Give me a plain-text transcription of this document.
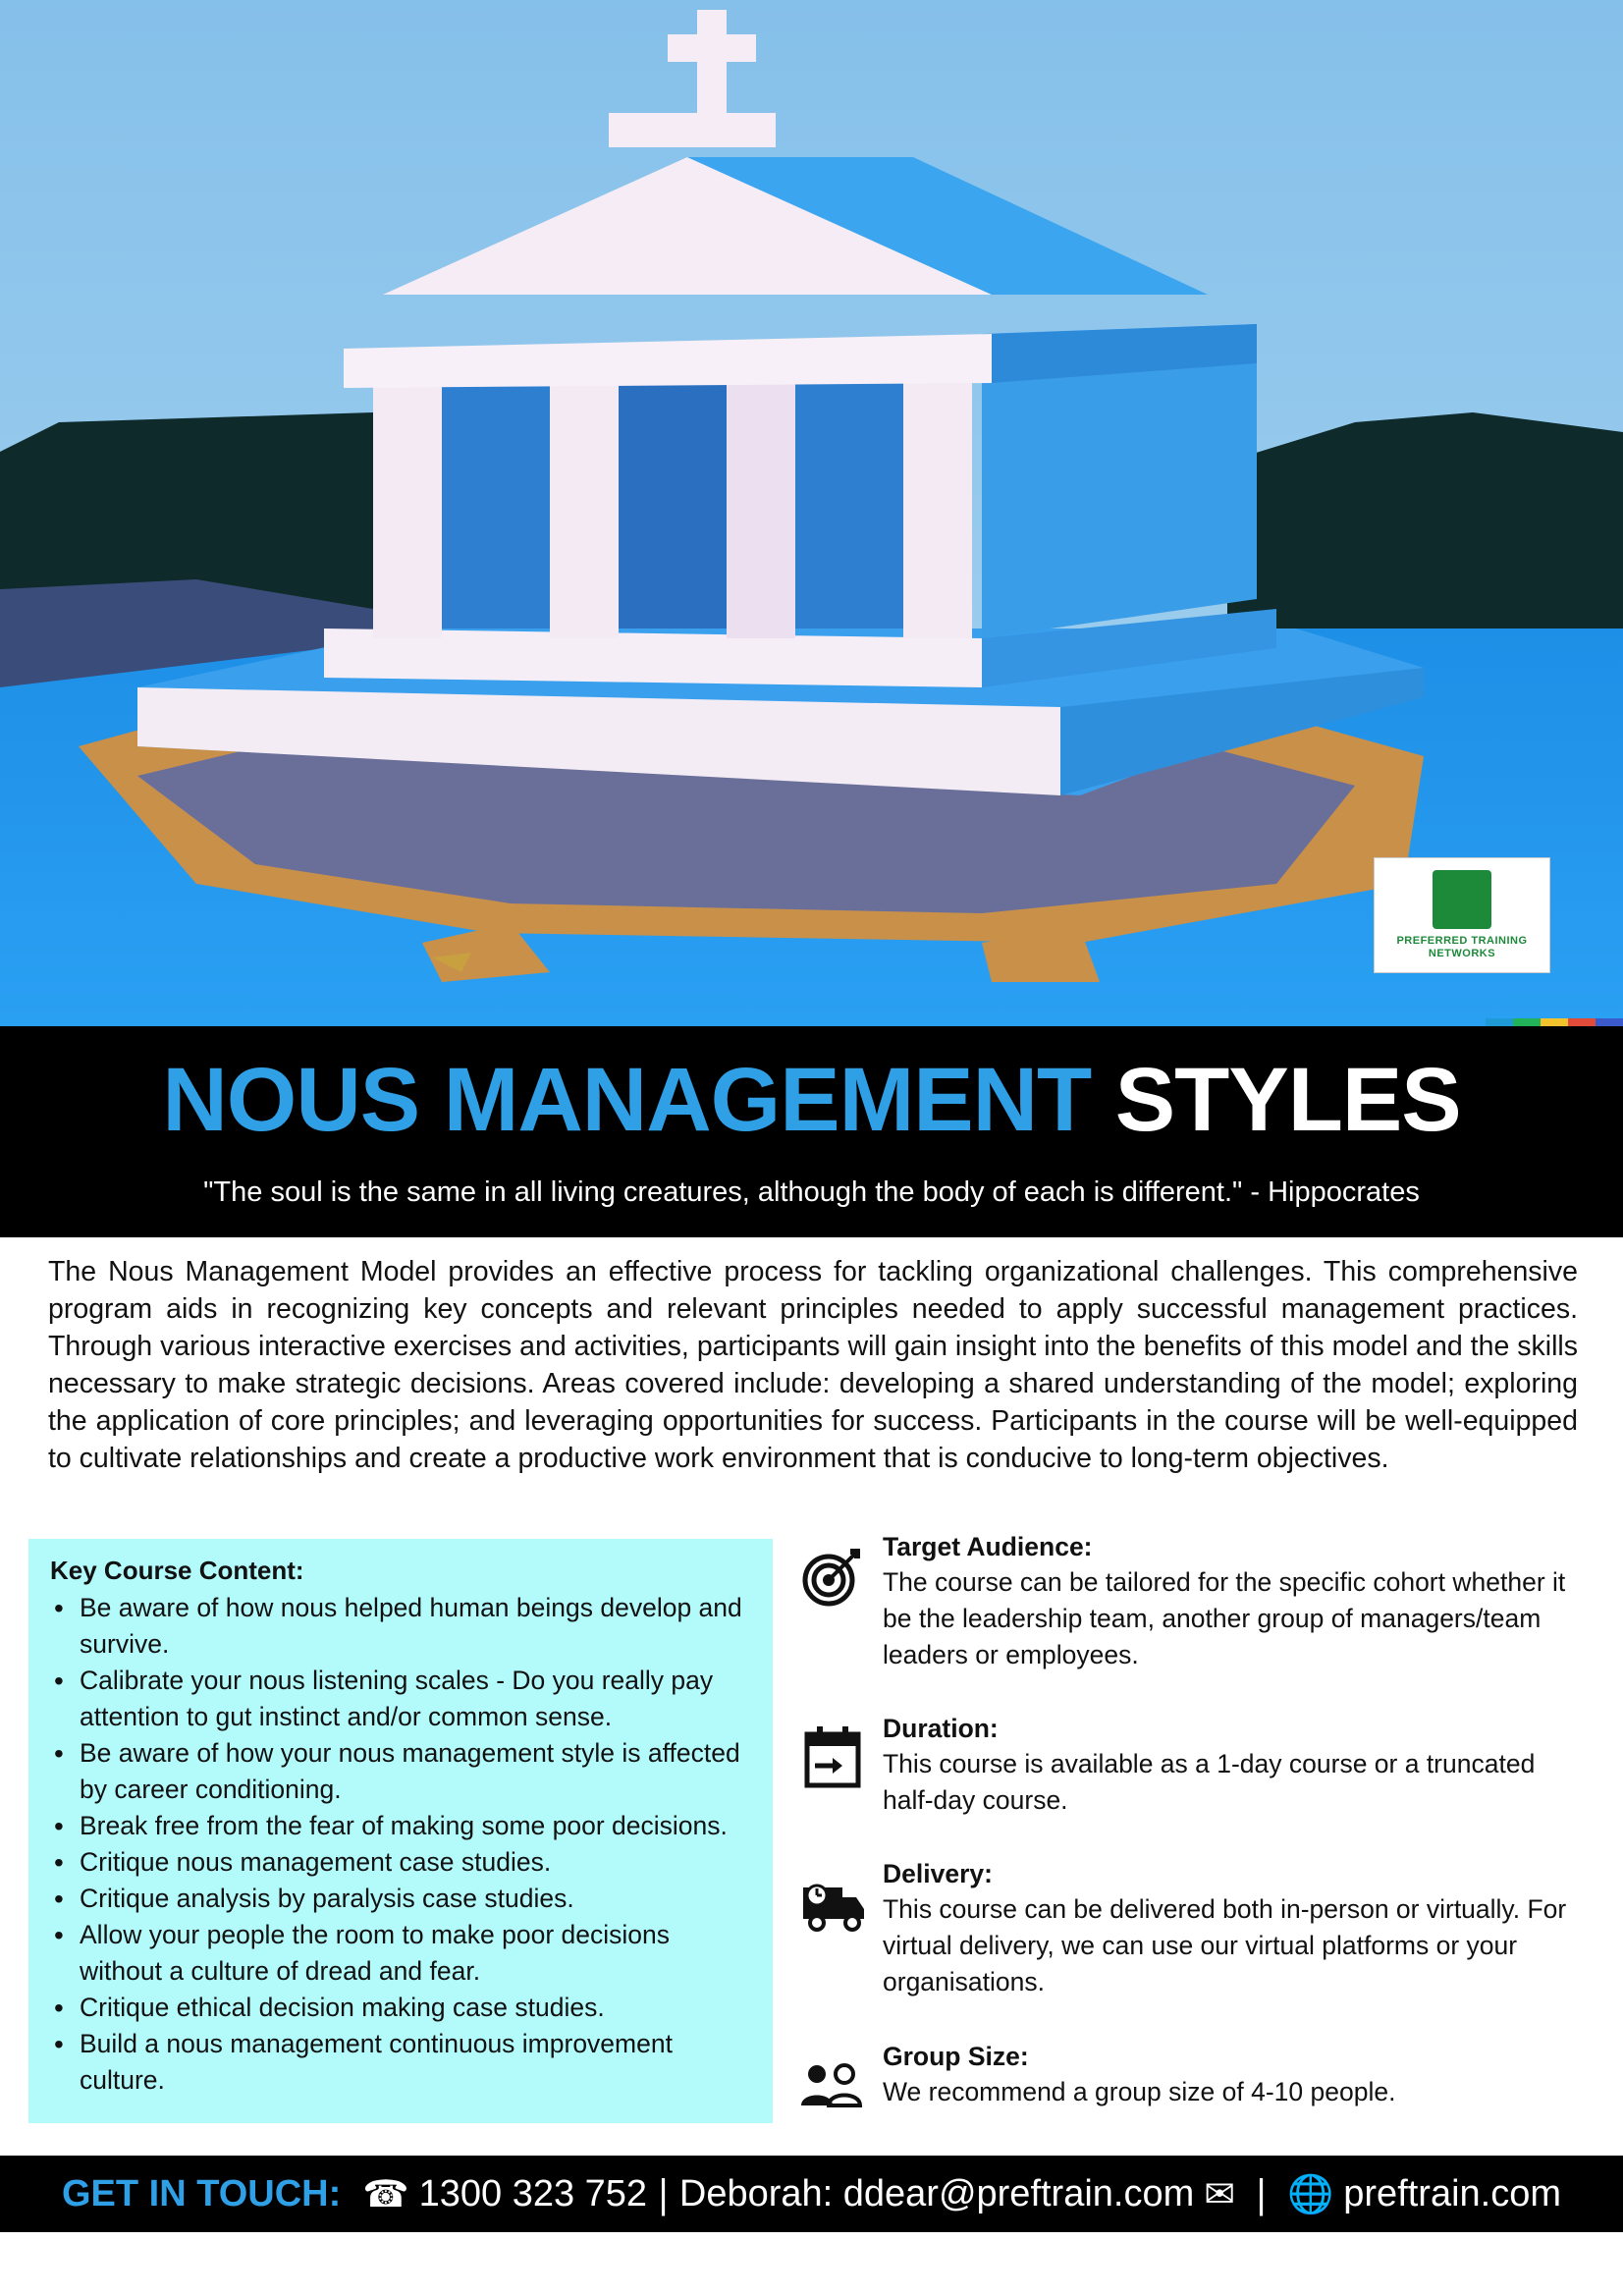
PREFERRED TRAINING
NETWORKS
NOUS MANAGEMENT STYLES
"The soul is the same in all living creatures, although the body of each is different." - Hippocrates

The Nous Management Model provides an effective process for tackling organizational challenges. This comprehensive program aids in recognizing key concepts and relevant principles needed to apply successful management practices. Through various interactive exercises and activities, participants will gain insight into the benefits of this model and the skills necessary to make strategic decisions. Areas covered include: developing a shared understanding of the model; exploring the application of core principles; and leveraging opportunities for success. Participants in the course will be well-equipped to cultivate relationships and create a productive work environment that is conducive to long-term objectives.

Key Course Content:
• Be aware of how nous helped human beings develop and survive.
• Calibrate your nous listening scales - Do you really pay attention to gut instinct and/or common sense.
• Be aware of how your nous management style is affected by career conditioning.
• Break free from the fear of making some poor decisions.
• Critique nous management case studies.
• Critique analysis by paralysis case studies.
• Allow your people the room to make poor decisions without a culture of dread and fear.
• Critique ethical decision making case studies.
• Build a nous management continuous improvement culture.
Target Audience:
The course can be tailored for the specific cohort whether it be the leadership team, another group of managers/team leaders or employees.
Duration:
This course is available as a 1-day course or a truncated half-day course.
Delivery:
This course can be delivered both in-person or virtually. For virtual delivery, we can use our virtual platforms or your organisations.
Group Size:
We recommend a group size of 4-10 people.
GET IN TOUCH: ☎ 1300 323 752 | Deborah: ddear@preftrain.com ✉ | 🌐 preftrain.com
